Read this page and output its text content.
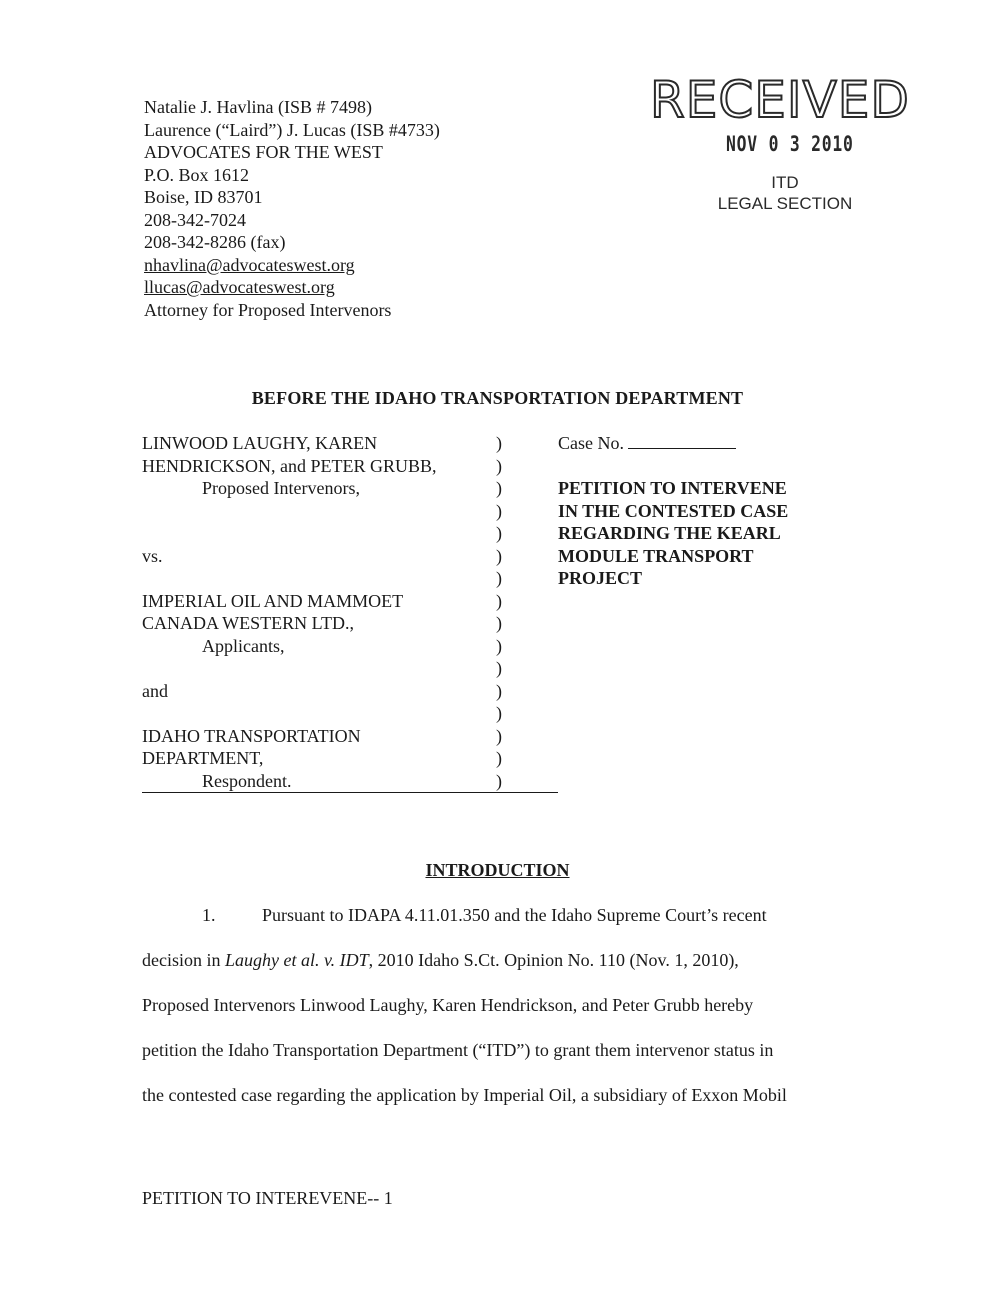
Natalie J. Havlina (ISB # 7498)
Laurence (“Laird”) J. Lucas (ISB #4733)
ADVOCATES FOR THE WEST
P.O. Box 1612
Boise, ID 83701
208-342-7024
208-342-8286 (fax)
nhavlina@advocateswest.org
llucas@advocateswest.org
Attorney for Proposed Intervenors
RECEIVED
NOV 0 3 2010
ITD
LEGAL SECTION
BEFORE THE IDAHO TRANSPORTATION DEPARTMENT
LINWOOD LAUGHY, KAREN
HENDRICKSON, and PETER GRUBB,
Proposed Intervenors,
vs.
IMPERIAL OIL AND MAMMOET
CANADA WESTERN LTD.,
Applicants,
and
IDAHO TRANSPORTATION
DEPARTMENT,
Respondent.
)
)
)
)
)
)
)
)
)
)
)
)
)
)
)
)
Case No.
PETITION TO INTERVENE
IN THE CONTESTED CASE
REGARDING THE KEARL
MODULE TRANSPORT
PROJECT
INTRODUCTION
1.	Pursuant to IDAPA 4.11.01.350 and the Idaho Supreme Court’s recent
decision in Laughy et al. v. IDT, 2010 Idaho S.Ct. Opinion No. 110 (Nov. 1, 2010),
Proposed Intervenors Linwood Laughy, Karen Hendrickson, and Peter Grubb hereby
petition the Idaho Transportation Department (“ITD”) to grant them intervenor status in
the contested case regarding the application by Imperial Oil, a subsidiary of Exxon Mobil
PETITION TO INTEREVENE-- 1
